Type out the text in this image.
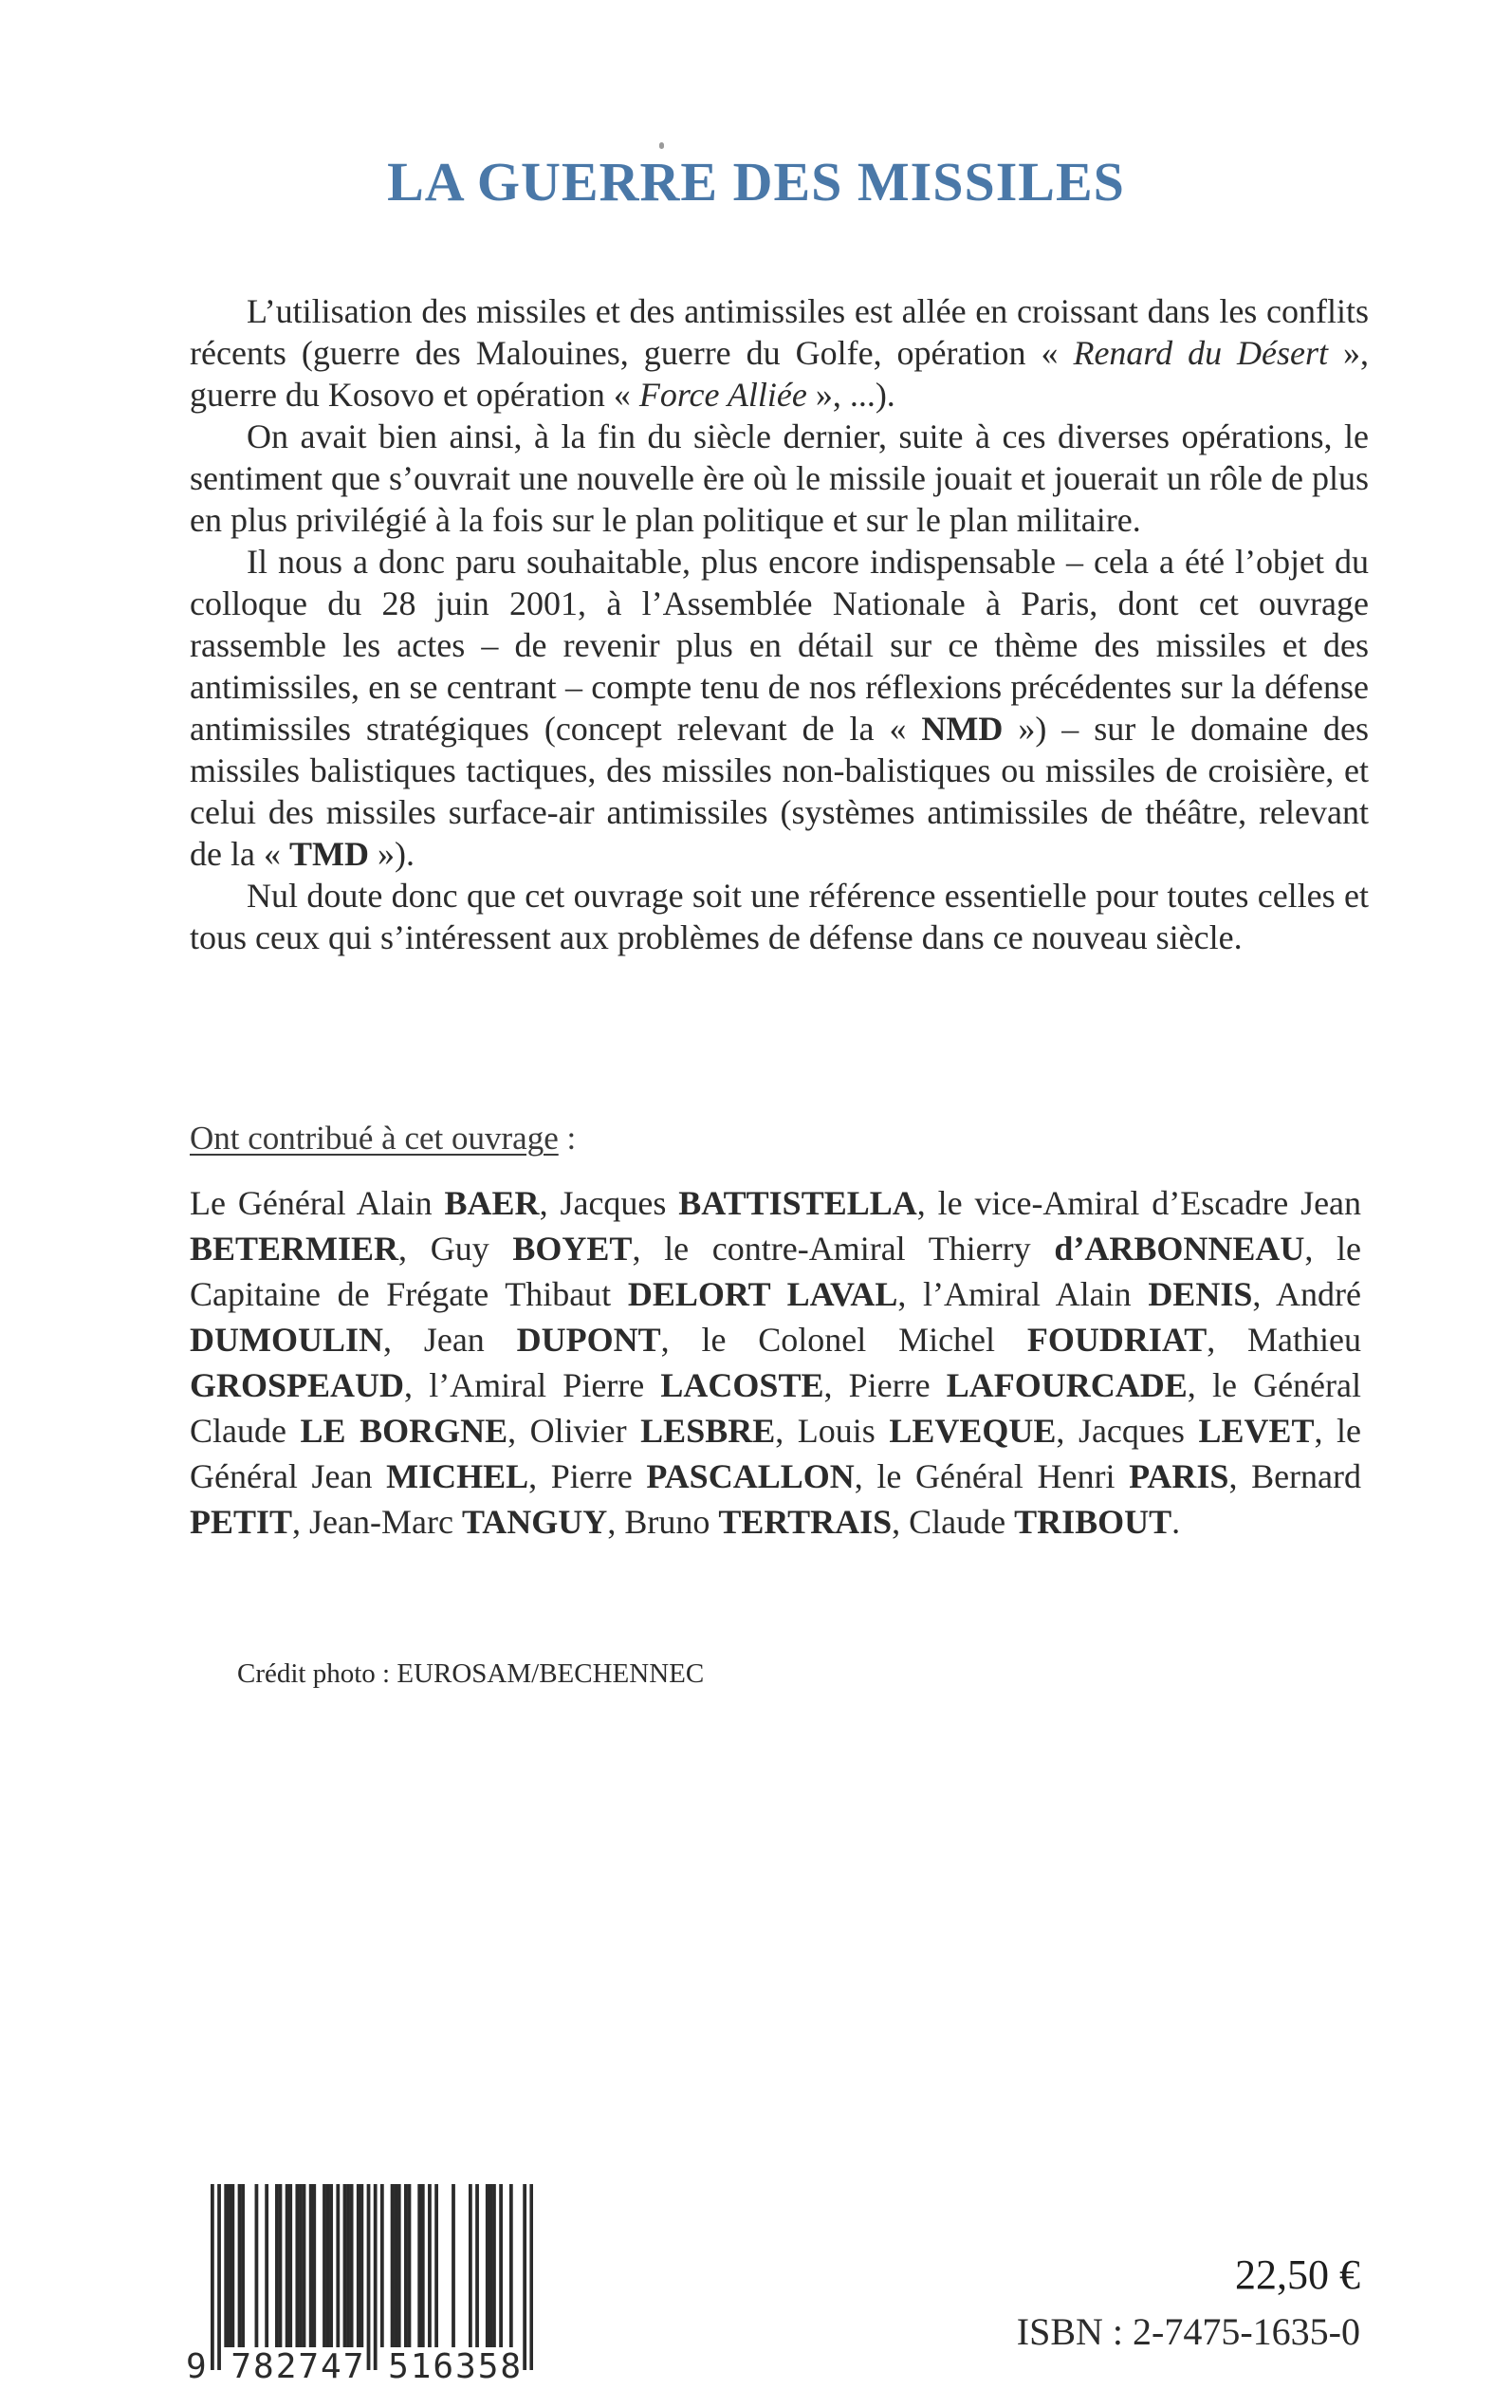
LA GUERRE DES MISSILES

L’utilisation des missiles et des antimissiles est allée en croissant dans les conflits récents (guerre des Malouines, guerre du Golfe, opération « Renard du Désert », guerre du Kosovo et opération « Force Alliée », ...).

On avait bien ainsi, à la fin du siècle dernier, suite à ces diverses opérations, le sentiment que s’ouvrait une nouvelle ère où le missile jouait et jouerait un rôle de plus en plus privilégié à la fois sur le plan politique et sur le plan militaire.

Il nous a donc paru souhaitable, plus encore indispensable – cela a été l’objet du colloque du 28 juin 2001, à l’Assemblée Nationale à Paris, dont cet ouvrage rassemble les actes – de revenir plus en détail sur ce thème des missiles et des antimissiles, en se centrant – compte tenu de nos réflexions précédentes sur la défense antimissiles stratégiques (concept relevant de la « NMD ») – sur le domaine des missiles balistiques tactiques, des missiles non-balistiques ou missiles de croisière, et celui des missiles surface-air antimissiles (systèmes antimissiles de théâtre, relevant de la « TMD »).

Nul doute donc que cet ouvrage soit une référence essentielle pour toutes celles et tous ceux qui s’intéressent aux problèmes de défense dans ce nouveau siècle.

Ont contribué à cet ouvrage :

Le Général Alain BAER, Jacques BATTISTELLA, le vice-Amiral d’Escadre Jean BETERMIER, Guy BOYET, le contre-Amiral Thierry d’ARBONNEAU, le Capitaine de Frégate Thibaut DELORT LAVAL, l’Amiral Alain DENIS, André DUMOULIN, Jean DUPONT, le Colonel Michel FOUDRIAT, Mathieu GROSPEAUD, l’Amiral Pierre LACOSTE, Pierre LAFOURCADE, le Général Claude LE BORGNE, Olivier LESBRE, Louis LEVEQUE, Jacques LEVET, le Général Jean MICHEL, Pierre PASCALLON, le Général Henri PARIS, Bernard PETIT, Jean-Marc TANGUY, Bruno TERTRAIS, Claude TRIBOUT.

Crédit photo : EUROSAM/BECHENNEC
9 782747 516358
22,50 €
ISBN : 2-7475-1635-0
